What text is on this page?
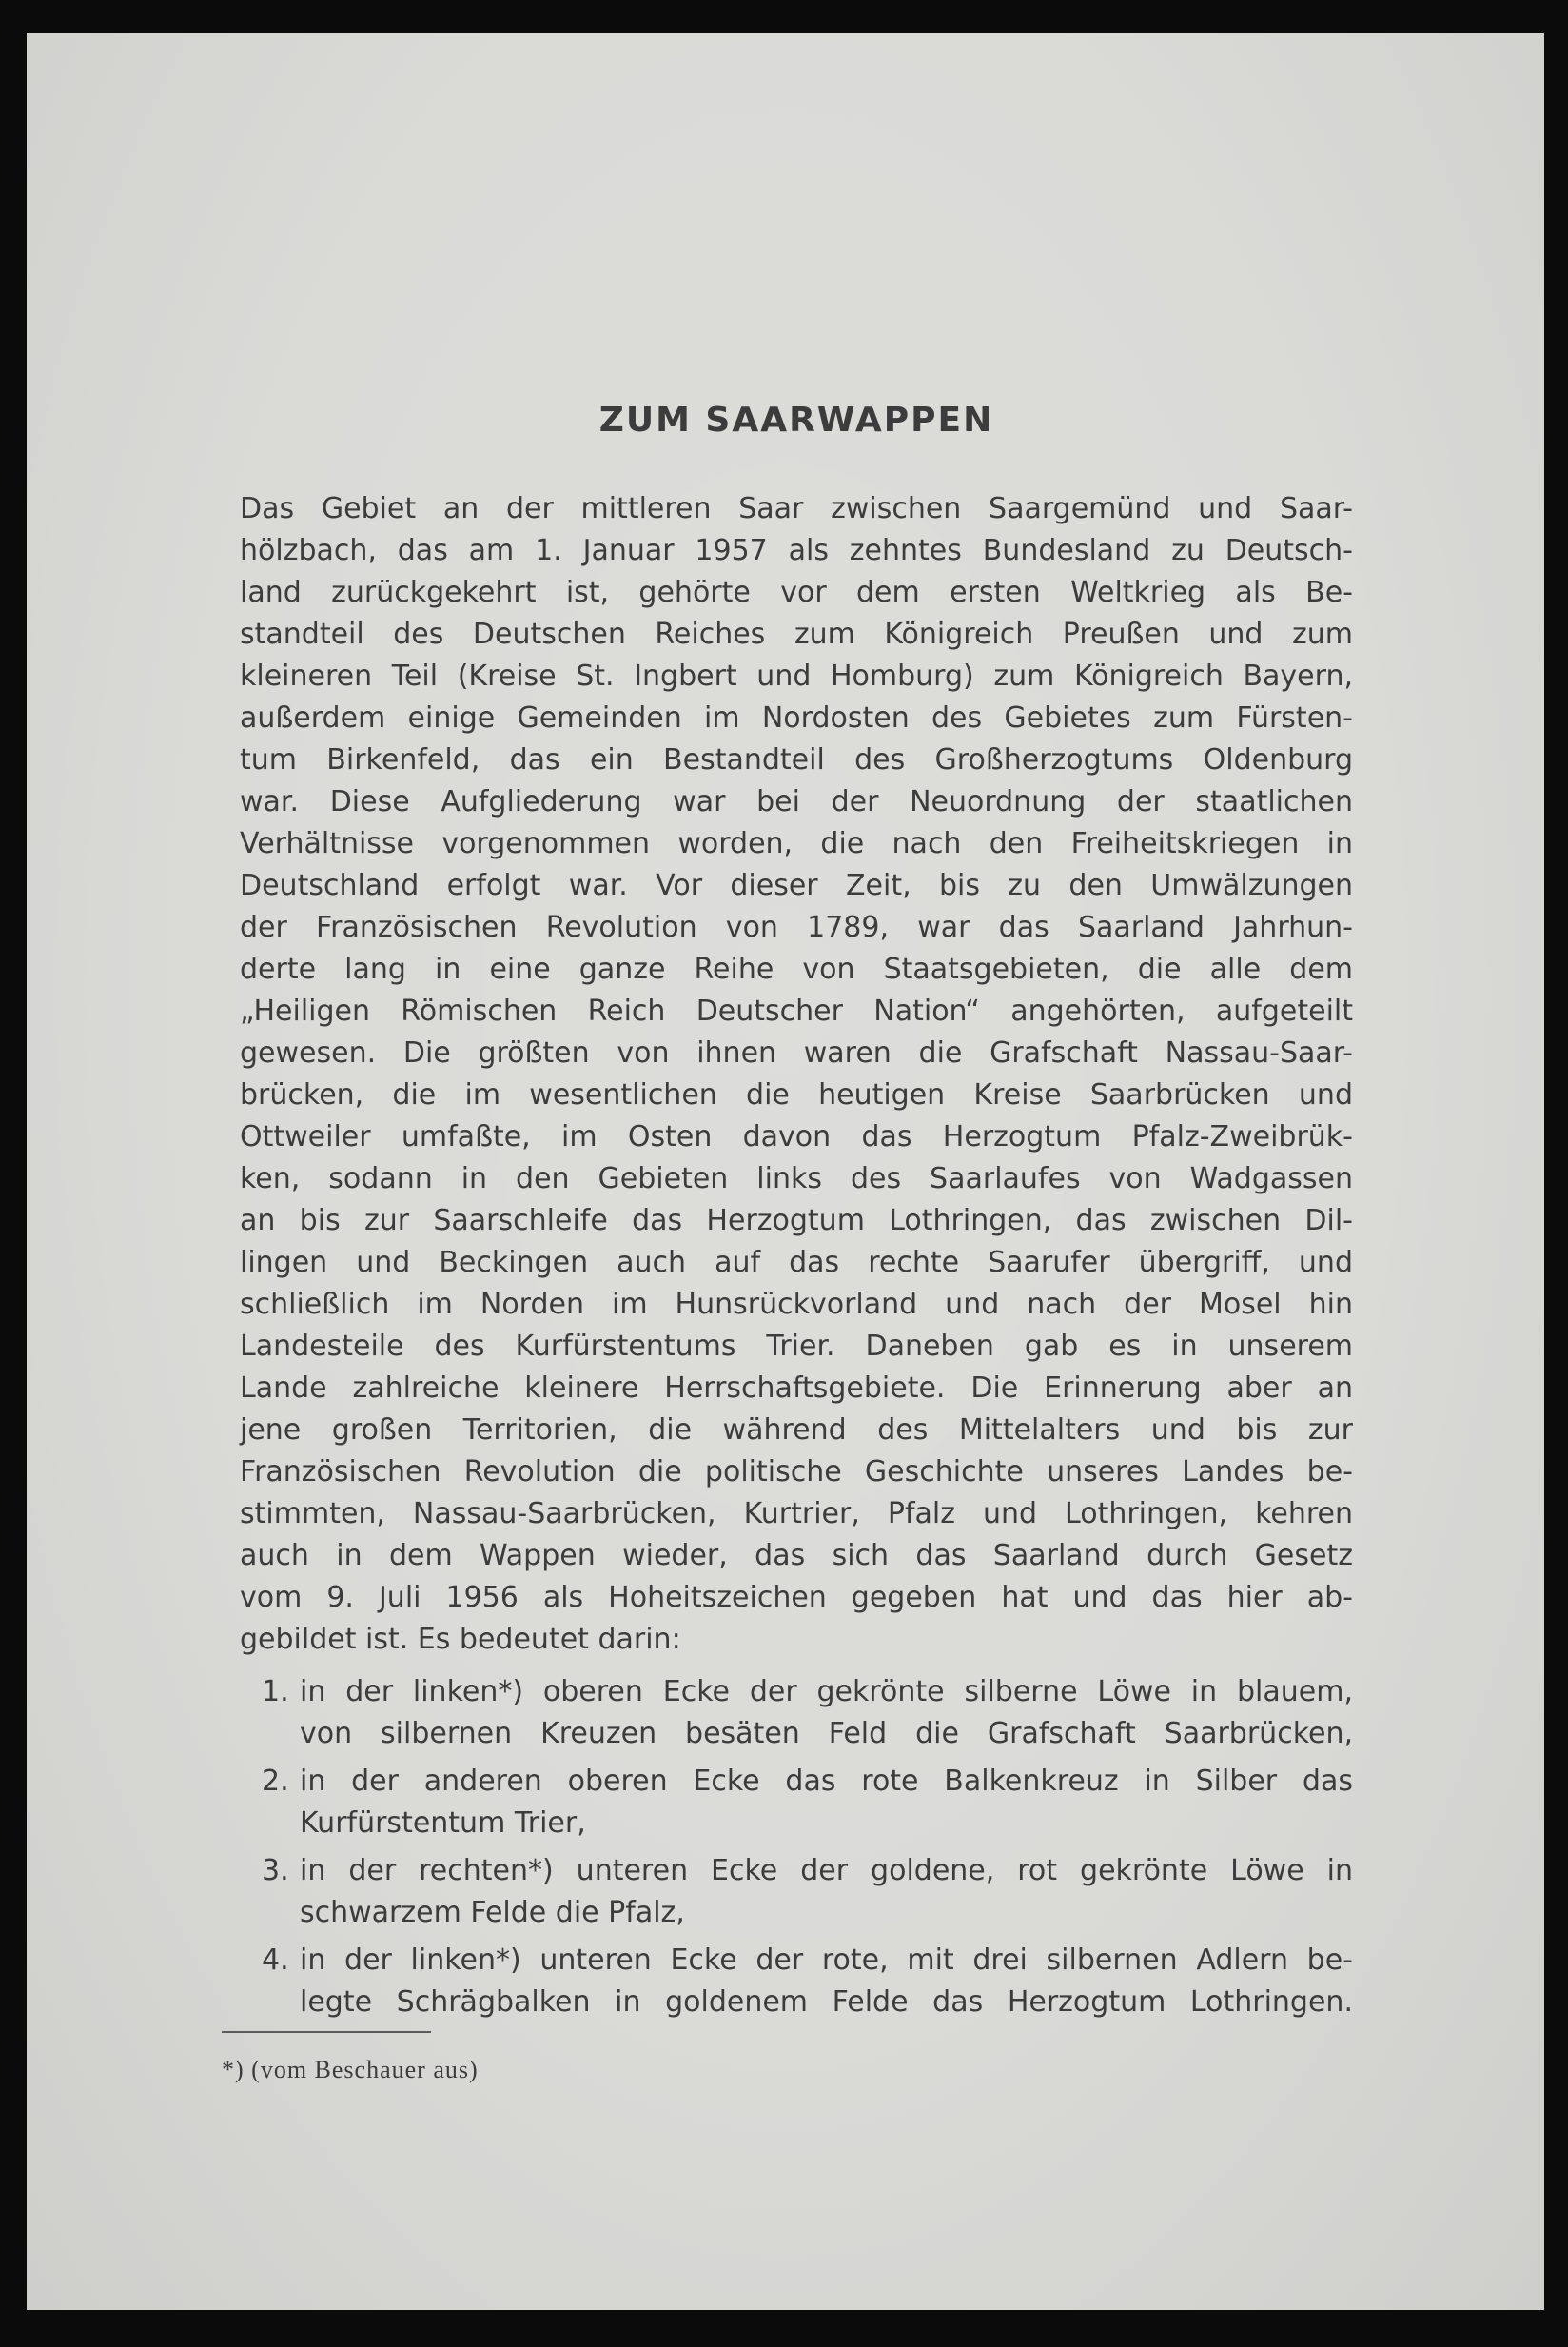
ZUM SAARWAPPEN
Das Gebiet an der mittleren Saar zwischen Saargemünd und Saar-
hölzbach, das am 1. Januar 1957 als zehntes Bundesland zu Deutsch-
land zurückgekehrt ist, gehörte vor dem ersten Weltkrieg als Be-
standteil des Deutschen Reiches zum Königreich Preußen und zum
kleineren Teil (Kreise St. Ingbert und Homburg) zum Königreich Bayern,
außerdem einige Gemeinden im Nordosten des Gebietes zum Fürsten-
tum Birkenfeld, das ein Bestandteil des Großherzogtums Oldenburg
war. Diese Aufgliederung war bei der Neuordnung der staatlichen
Verhältnisse vorgenommen worden, die nach den Freiheitskriegen in
Deutschland erfolgt war. Vor dieser Zeit, bis zu den Umwälzungen
der Französischen Revolution von 1789, war das Saarland Jahrhun-
derte lang in eine ganze Reihe von Staatsgebieten, die alle dem
„Heiligen Römischen Reich Deutscher Nation“ angehörten, aufgeteilt
gewesen. Die größten von ihnen waren die Grafschaft Nassau-Saar-
brücken, die im wesentlichen die heutigen Kreise Saarbrücken und
Ottweiler umfaßte, im Osten davon das Herzogtum Pfalz-Zweibrük-
ken, sodann in den Gebieten links des Saarlaufes von Wadgassen
an bis zur Saarschleife das Herzogtum Lothringen, das zwischen Dil-
lingen und Beckingen auch auf das rechte Saarufer übergriff, und
schließlich im Norden im Hunsrückvorland und nach der Mosel hin
Landesteile des Kurfürstentums Trier. Daneben gab es in unserem
Lande zahlreiche kleinere Herrschaftsgebiete. Die Erinnerung aber an
jene großen Territorien, die während des Mittelalters und bis zur
Französischen Revolution die politische Geschichte unseres Landes be-
stimmten, Nassau-Saarbrücken, Kurtrier, Pfalz und Lothringen, kehren
auch in dem Wappen wieder, das sich das Saarland durch Gesetz
vom 9. Juli 1956 als Hoheitszeichen gegeben hat und das hier ab-
gebildet ist. Es bedeutet darin:
1. in der linken*) oberen Ecke der gekrönte silberne Löwe in blauem,
von silbernen Kreuzen besäten Feld die Grafschaft Saarbrücken,
2. in der anderen oberen Ecke das rote Balkenkreuz in Silber das
Kurfürstentum Trier,
3. in der rechten*) unteren Ecke der goldene, rot gekrönte Löwe in
schwarzem Felde die Pfalz,
4. in der linken*) unteren Ecke der rote, mit drei silbernen Adlern be-
legte Schrägbalken in goldenem Felde das Herzogtum Lothringen.
*) (vom Beschauer aus)
